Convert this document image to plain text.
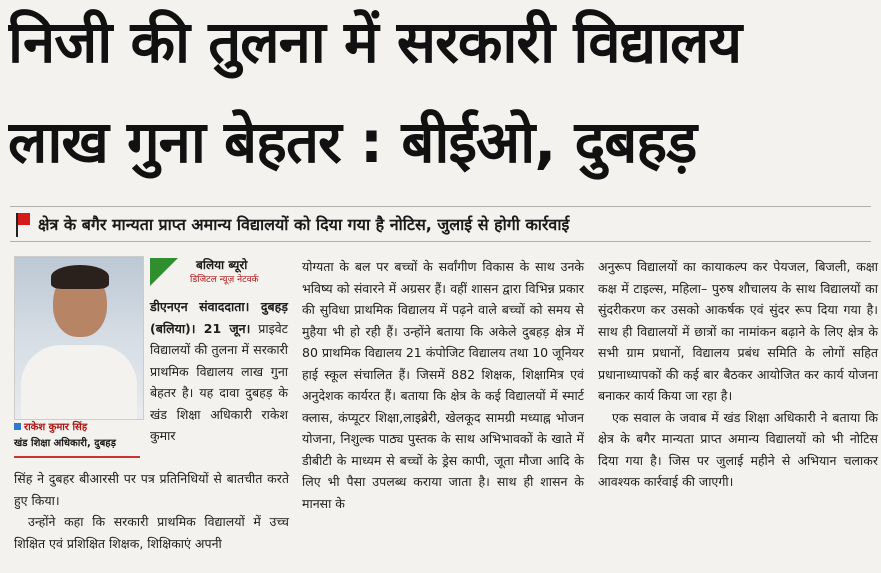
निजी की तुलना में सरकारी विद्यालय
लाख गुना बेहतर : बीईओ, दुबहड़
क्षेत्र के बगैर मान्यता प्राप्त अमान्य विद्यालयों को दिया गया है नोटिस, जुलाई से होगी कार्रवाई
राकेश कुमार सिंह
खंड शिक्षा अधिकारी, दुबहड़
बलिया ब्यूरो
डिजिटल न्यूज़ नेटवर्क

डीएनएन संवाददाता। दुबहड़ (बलिया)। 21 जून। प्राइवेट विद्यालयों की तुलना में सरकारी प्राथमिक विद्यालय लाख गुना बेहतर है। यह दावा दुबहड़ के खंड शिक्षा अधिकारी राकेश कुमार

सिंह ने दुबहर बीआरसी पर पत्र प्रतिनिधियों से बातचीत करते हुए किया।

उन्होंने कहा कि सरकारी प्राथमिक विद्यालयों में उच्च शिक्षित एवं प्रशिक्षित शिक्षक, शिक्षिकाएं अपनी

योग्यता के बल पर बच्चों के सर्वांगीण विकास के साथ उनके भविष्य को संवारने में अग्रसर हैं। वहीं शासन द्वारा विभिन्न प्रकार की सुविधा प्राथमिक विद्यालय में पढ़ने वाले बच्चों को समय से मुहैया भी हो रही हैं। उन्होंने बताया कि अकेले दुबहड़ क्षेत्र में 80 प्राथमिक विद्यालय 21 कंपोजिट विद्यालय तथा 10 जूनियर हाई स्कूल संचालित हैं। जिसमें 882 शिक्षक, शिक्षामित्र एवं अनुदेशक कार्यरत हैं। बताया कि क्षेत्र के कई विद्यालयों में स्मार्ट क्लास, कंप्यूटर शिक्षा,लाइब्रेरी, खेलकूद सामग्री मध्याह्न भोजन योजना, निशुल्क पाठ्य पुस्तक के साथ अभिभावकों के खाते में डीबीटी के माध्यम से बच्चों के ड्रेस कापी, जूता मौजा आदि के लिए भी पैसा उपलब्ध कराया जाता है। साथ ही शासन के मानसा के

अनुरूप विद्यालयों का कायाकल्प कर पेयजल, बिजली, कक्षा कक्ष में टाइल्स, महिला– पुरुष शौचालय के साथ विद्यालयों का सुंदरीकरण कर उसको आकर्षक एवं सुंदर रूप दिया गया है। साथ ही विद्यालयों में छात्रों का नामांकन बढ़ाने के लिए क्षेत्र के सभी ग्राम प्रधानों, विद्यालय प्रबंध समिति के लोगों सहित प्रधानाध्यापकों की कई बार बैठकर आयोजित कर कार्य योजना बनाकर कार्य किया जा रहा है।

एक सवाल के जवाब में खंड शिक्षा अधिकारी ने बताया कि क्षेत्र के बगैर मान्यता प्राप्त अमान्य विद्यालयों को भी नोटिस दिया गया है। जिस पर जुलाई महीने से अभियान चलाकर आवश्यक कार्रवाई की जाएगी।
